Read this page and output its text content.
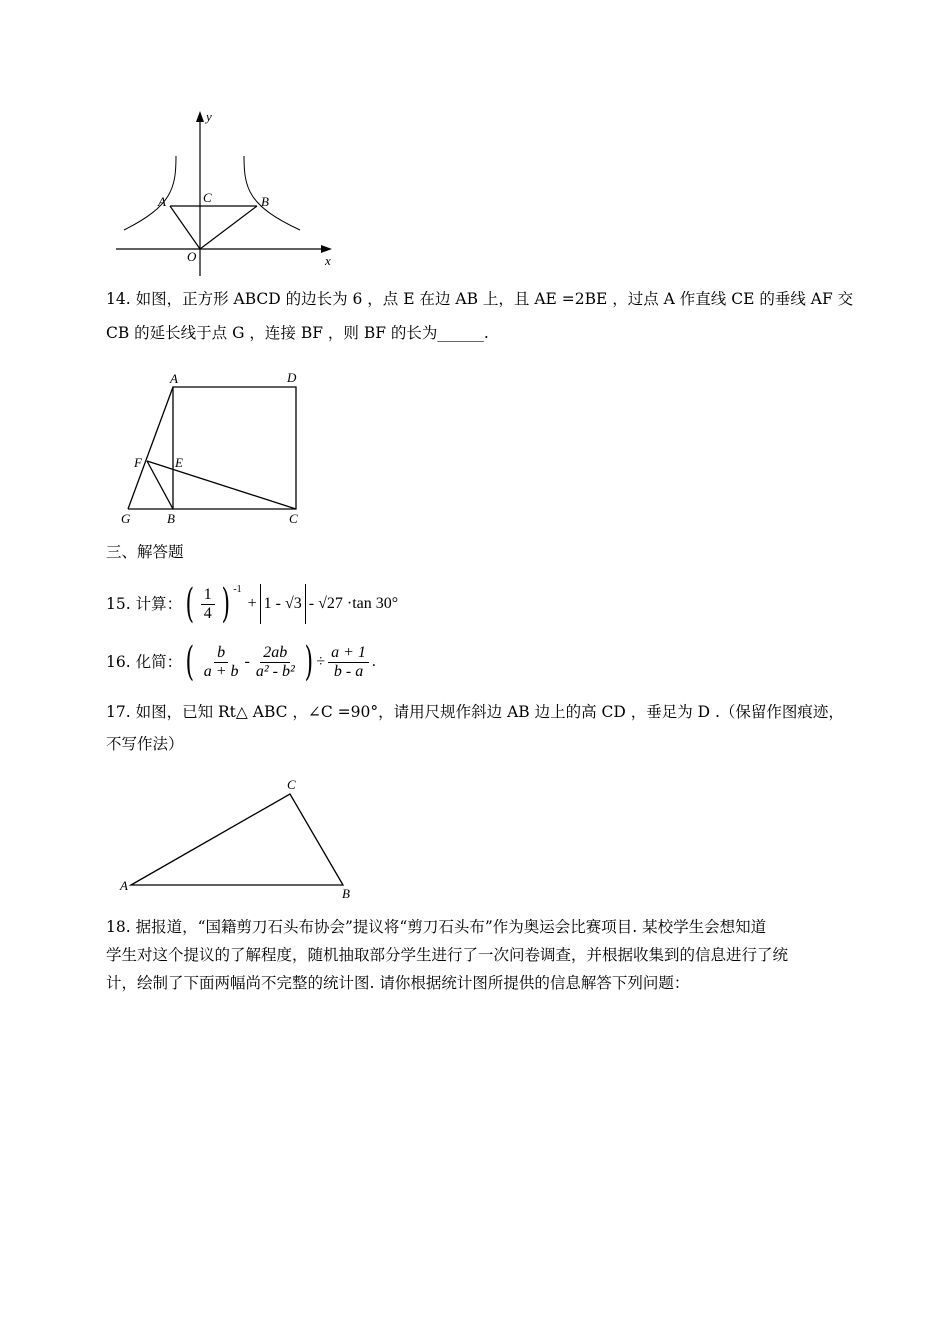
y
x
O
A	C	B
14. 如图，正方形 ABCD 的边长为 6 ，点 E 在边 AB 上，且 AE =2BE ，过点 A 作直线 CE 的垂线 AF 交
CB 的延长线于点 G ，连接 BF ，则 BF 的长为______.
A	D
F	E
G	B	C
三、解答题
15. 计算： ( $\frac{1}{4}$ ) -1
+ 1 - √3 - √27 ·tan 30°
16. 化简： ( $\frac{b}{a + b} - \frac{2ab}{\text{a² - b²}}$ ) ÷ $\frac{a + 1}{b - a}$ .
17. 如图，已知 Rt△ ABC ，∠C =90°，请用尺规作斜边 AB 边上的高 CD ，垂足为 D .（保留作图痕迹，
不写作法）
A
C
B
18. 据报道，“国籍剪刀石头布协会”提议将“剪刀石头布”作为奥运会比赛项目. 某校学生会想知道
学生对这个提议的了解程度，随机抽取部分学生进行了一次问卷调查，并根据收集到的信息进行了统
计，绘制了下面两幅尚不完整的统计图. 请你根据统计图所提供的信息解答下列问题：
